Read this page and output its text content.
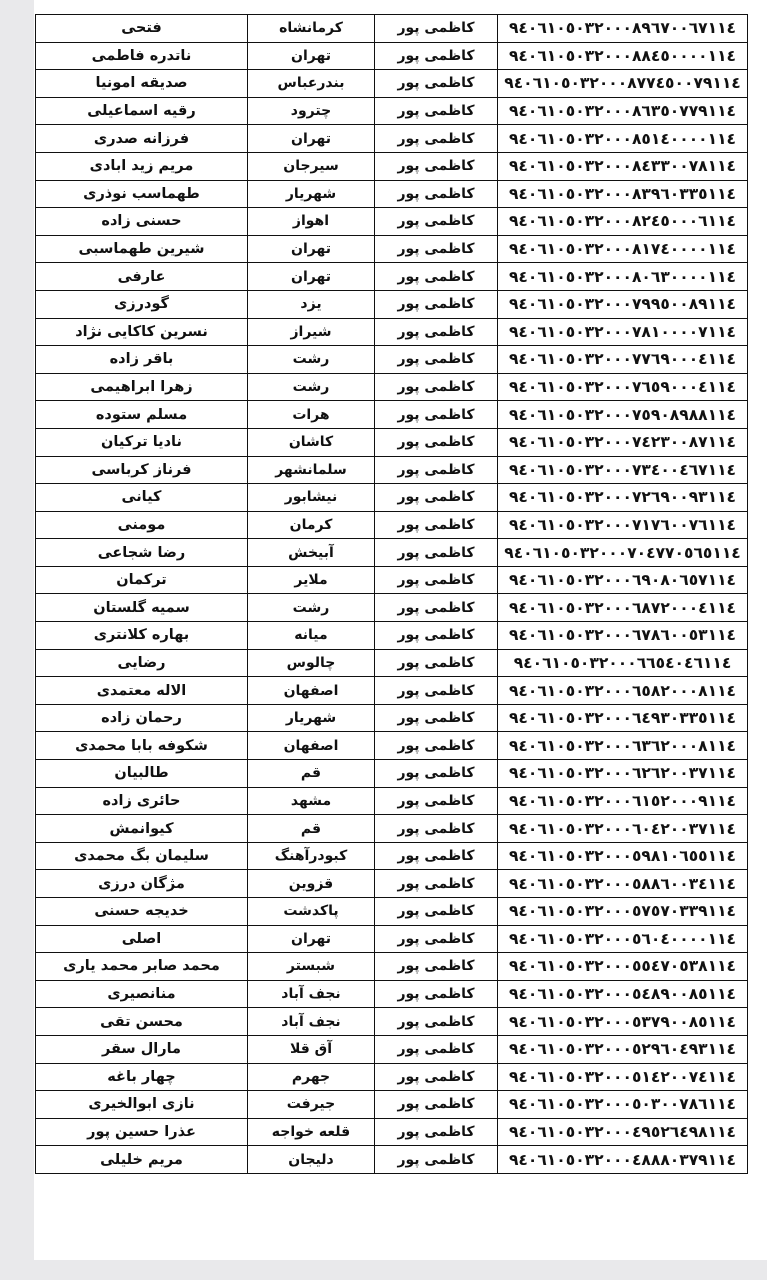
فتحی	کرمانشاه	کاظمی پور	٩٤٠٦١٠٥٠٣٢٠٠٠٨٩٦٧٠٠٦٧١١٤
ناتدره فاطمی	تهران	کاظمی پور	٩٤٠٦١٠٥٠٣٢٠٠٠٨٨٤٥٠٠٠٠١١٤
صدیقه امونیا	بندرعباس	کاظمی پور	٩٤٠٦١٠٥٠٣٢٠٠٠٨٧٧٤٥٠٠٧٩١١٤
رقیه اسماعیلی	چترود	کاظمی پور	٩٤٠٦١٠٥٠٣٢٠٠٠٨٦٣٥٠٧٧٩١١٤
فرزانه صدری	تهران	کاظمی پور	٩٤٠٦١٠٥٠٣٢٠٠٠٨٥١٤٠٠٠٠١١٤
مریم زید ابادی	سیرجان	کاظمی پور	٩٤٠٦١٠٥٠٣٢٠٠٠٨٤٣٣٠٠٧٨١١٤
طهماسب نوذری	شهریار	کاظمی پور	٩٤٠٦١٠٥٠٣٢٠٠٠٨٣٩٦٠٣٣٥١١٤
حسنی زاده	اهواز	کاظمی پور	٩٤٠٦١٠٥٠٣٢٠٠٠٨٢٤٥٠٠٠٦١١٤
شیرین طهماسبی	تهران	کاظمی پور	٩٤٠٦١٠٥٠٣٢٠٠٠٨١٧٤٠٠٠٠١١٤
عارفی	تهران	کاظمی پور	٩٤٠٦١٠٥٠٣٢٠٠٠٨٠٦٣٠٠٠٠١١٤
گودرزی	یزد	کاظمی پور	٩٤٠٦١٠٥٠٣٢٠٠٠٧٩٩٥٠٠٨٩١١٤
نسرین کاکایی نژاد	شیراز	کاظمی پور	٩٤٠٦١٠٥٠٣٢٠٠٠٧٨١٠٠٠٠٧١١٤
باقر زاده	رشت	کاظمی پور	٩٤٠٦١٠٥٠٣٢٠٠٠٧٧٦٩٠٠٠٤١١٤
زهرا ابراهیمی	رشت	کاظمی پور	٩٤٠٦١٠٥٠٣٢٠٠٠٧٦٥٩٠٠٠٤١١٤
مسلم ستوده	هرات	کاظمی پور	٩٤٠٦١٠٥٠٣٢٠٠٠٧٥٩٠٨٩٨٨١١٤
نادیا ترکیان	کاشان	کاظمی پور	٩٤٠٦١٠٥٠٣٢٠٠٠٧٤٢٣٠٠٨٧١١٤
فرناز کرباسی	سلمانشهر	کاظمی پور	٩٤٠٦١٠٥٠٣٢٠٠٠٧٣٤٠٠٤٦٧١١٤
کیانی	نیشابور	کاظمی پور	٩٤٠٦١٠٥٠٣٢٠٠٠٧٢٦٩٠٠٩٣١١٤
مومنی	کرمان	کاظمی پور	٩٤٠٦١٠٥٠٣٢٠٠٠٧١٧٦٠٠٧٦١١٤
رضا شجاعی	آبیخش	کاظمی پور	٩٤٠٦١٠٥٠٣٢٠٠٠٧٠٤٧٧٠٥٦٥١١٤
ترکمان	ملایر	کاظمی پور	٩٤٠٦١٠٥٠٣٢٠٠٠٦٩٠٨٠٦٥٧١١٤
سمیه گلستان	رشت	کاظمی پور	٩٤٠٦١٠٥٠٣٢٠٠٠٦٨٧٢٠٠٠٤١١٤
بهاره کلانتری	میانه	کاظمی پور	٩٤٠٦١٠٥٠٣٢٠٠٠٦٧٨٦٠٠٥٣١١٤
رضایی	چالوس	کاظمی پور	٩٤٠٦١٠٥٠٣٢٠٠٠٦٦٥٤٠٤٦١١٤
الاله معتمدی	اصفهان	کاظمی پور	٩٤٠٦١٠٥٠٣٢٠٠٠٦٥٨٢٠٠٠٨١١٤
رحمان زاده	شهریار	کاظمی پور	٩٤٠٦١٠٥٠٣٢٠٠٠٦٤٩٣٠٣٣٥١١٤
شکوفه بابا محمدی	اصفهان	کاظمی پور	٩٤٠٦١٠٥٠٣٢٠٠٠٦٣٦٢٠٠٠٨١١٤
طالبیان	قم	کاظمی پور	٩٤٠٦١٠٥٠٣٢٠٠٠٦٢٦٢٠٠٣٧١١٤
حائری زاده	مشهد	کاظمی پور	٩٤٠٦١٠٥٠٣٢٠٠٠٦١٥٢٠٠٠٩١١٤
کیوانمش	قم	کاظمی پور	٩٤٠٦١٠٥٠٣٢٠٠٠٦٠٤٢٠٠٣٧١١٤
سلیمان بگ محمدی	کبودرآهنگ	کاظمی پور	٩٤٠٦١٠٥٠٣٢٠٠٠٥٩٨١٠٦٥٥١١٤
مژگان درزی	قزوین	کاظمی پور	٩٤٠٦١٠٥٠٣٢٠٠٠٥٨٨٦٠٠٣٤١١٤
خدیجه حسنی	پاکدشت	کاظمی پور	٩٤٠٦١٠٥٠٣٢٠٠٠٥٧٥٧٠٣٣٩١١٤
اصلی	تهران	کاظمی پور	٩٤٠٦١٠٥٠٣٢٠٠٠٥٦٠٤٠٠٠٠١١٤
محمد صابر محمد یاری	شبستر	کاظمی پور	٩٤٠٦١٠٥٠٣٢٠٠٠٥٥٤٧٠٥٣٨١١٤
منانصیری	نجف آباد	کاظمی پور	٩٤٠٦١٠٥٠٣٢٠٠٠٥٤٨٩٠٠٨٥١١٤
محسن تقی	نجف آباد	کاظمی پور	٩٤٠٦١٠٥٠٣٢٠٠٠٥٣٧٩٠٠٨٥١١٤
مارال سقر	آق قلا	کاظمی پور	٩٤٠٦١٠٥٠٣٢٠٠٠٥٢٩٦٠٤٩٣١١٤
چهار باغه	جهرم	کاظمی پور	٩٤٠٦١٠٥٠٣٢٠٠٠٥١٤٢٠٠٧٤١١٤
نازی ابوالخیری	جیرفت	کاظمی پور	٩٤٠٦١٠٥٠٣٢٠٠٠٥٠٣٠٠٧٨٦١١٤
عذرا حسین پور	قلعه خواجه	کاظمی پور	٩٤٠٦١٠٥٠٣٢٠٠٠٤٩٥٢٦٤٩٨١١٤
مریم خلیلی	دلیجان	کاظمی پور	٩٤٠٦١٠٥٠٣٢٠٠٠٤٨٨٨٠٣٧٩١١٤
